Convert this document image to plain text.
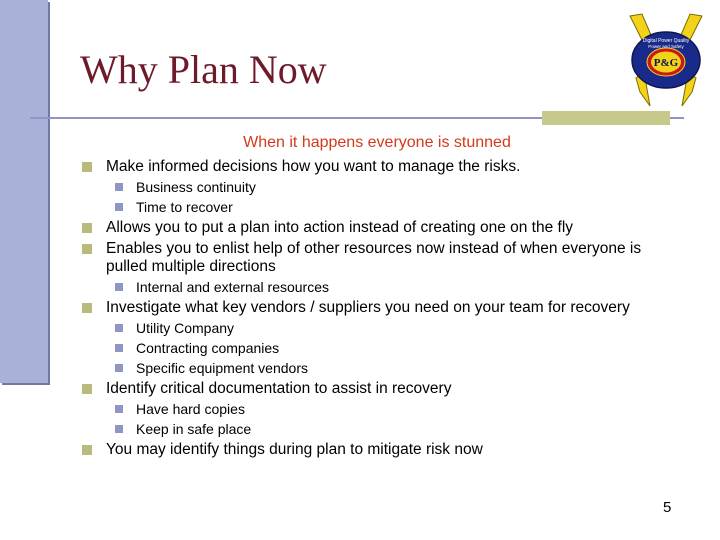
Why Plan Now	P&G
Digital Power Quality
Power and Safety
When it happens everyone is stunned
Make informed decisions how you want to manage the risks.
Business continuity
Time to recover
Allows you to put a plan into action instead of creating one on the fly
Enables you to enlist help of other resources now instead of when everyone is pulled multiple directions
Internal and external resources
Investigate what key vendors / suppliers you need on your team for recovery
Utility Company
Contracting companies
Specific equipment vendors
Identify critical documentation to assist in recovery
Have hard copies
Keep in safe place
You may identify things during plan to mitigate risk now
5
